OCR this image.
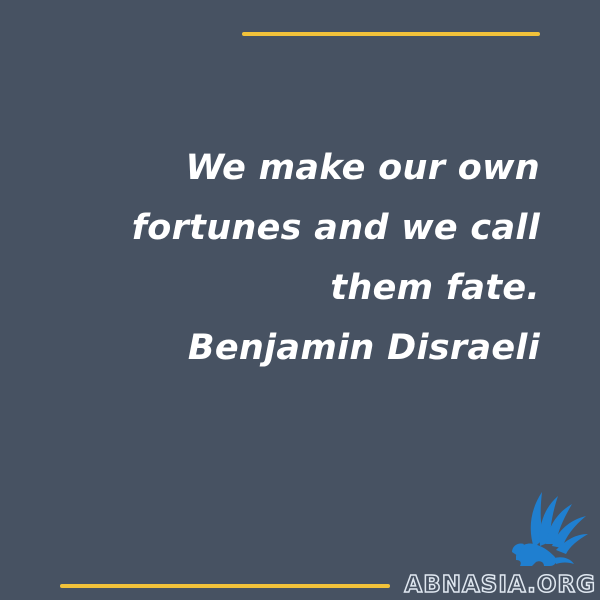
We make our own
fortunes and we call
them fate.
Benjamin Disraeli
ABNASIA.ORG
